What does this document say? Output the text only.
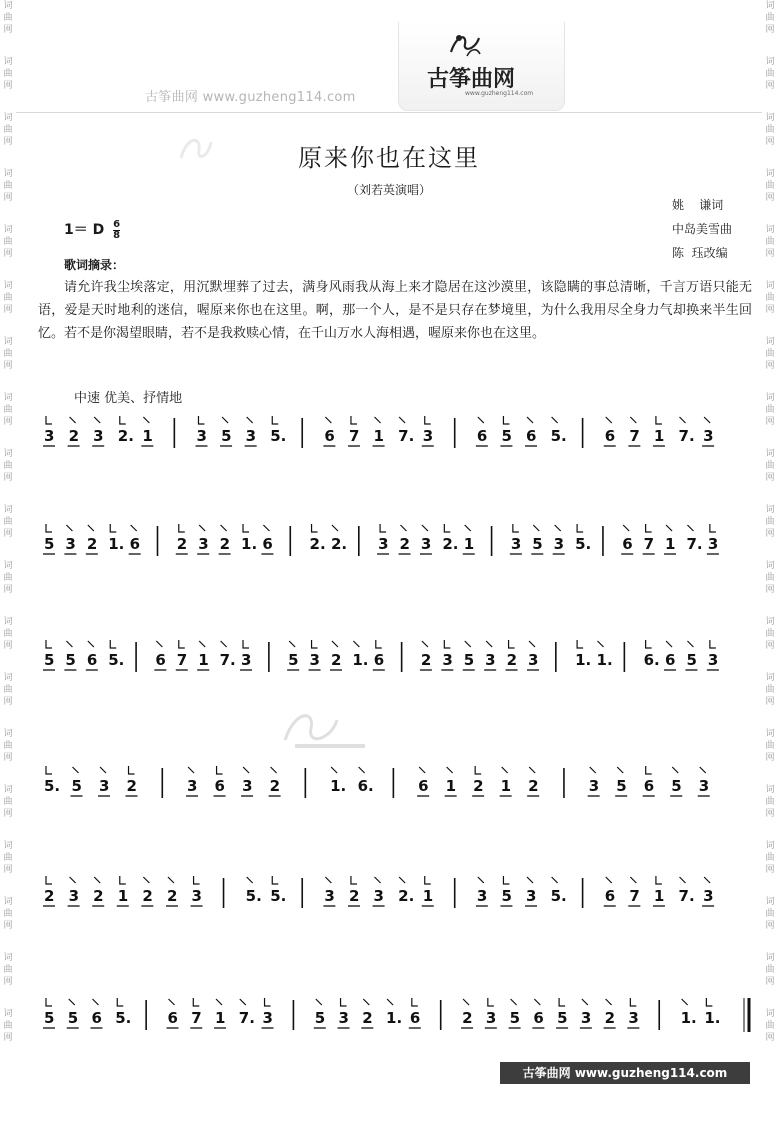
词
曲
网
词
曲
网
词
曲
网
词
曲
网
词
曲
网
词
曲
网
词
曲
网
词
曲
网
词
曲
网
词
曲
网
词
曲
网
词
曲
网
词
曲
网
词
曲
网
词
曲
网
词
曲
网
词
曲
网
词
曲
网
词
曲
网
词
曲
网
词
曲
网
词
曲
网
词
曲
网
词
曲
网
词
曲
网
词
曲
网
词
曲
网
词
曲
网
词
曲
网
词
曲
网
词
曲
网
词
曲
网
词
曲
网
词
曲
网
词
曲
网
词
曲
网
词
曲
网
词
曲
网
古筝曲网 www.guzheng114.com
古筝曲网
www.guzheng114.com
原来你也在这里
（刘若英演唱）
姚    谦词
中岛美雪曲
陈  珏改编
1＝ D $\frac{6}{8}$
歌词摘录：
请允许我尘埃落定，用沉默埋葬了过去，满身风雨我从海上来才隐居在这沙漠里，该隐瞒的事总清晰，千言万语只能无语，爱是天时地利的迷信，喔原来你也在这里。啊，那一个人，是不是只存在梦境里，为什么我用尽全身力气却换来半生回忆。若不是你渴望眼睛，若不是我救赎心情，在千山万水人海相遇，喔原来你也在这里。
中速 优美、抒情地
3 2 3 2. 1	3 5 3 5.	6 7 1 7. 3	6 5 6 5.	6 7 1 7. 3
5 3 2 1. 6 2 3 2 1. 6 2. 2. 3 2 3 2. 1 3 5 3 5. 6 7 1 7. 3
5 5 6 5. 6 7 1 7. 3 5 3 2 1. 6 2 3 5 3 2 3 1. 1. 6. 6 5 3
5. 5 3 2	3 6 3 2	1. 6.	6 1 2 1 2	3 5 6 5 3
2 3 2 1 2 2 3	5. 5.	3 2 3 2. 1	3 5 3 5.	6 7 1 7. 3
5 5 6 5. 6 7 1 7. 3	5 3 2 1. 6	2 3 5 6 5 3 2 3	1. 1.
古筝曲网 www.guzheng114.com
